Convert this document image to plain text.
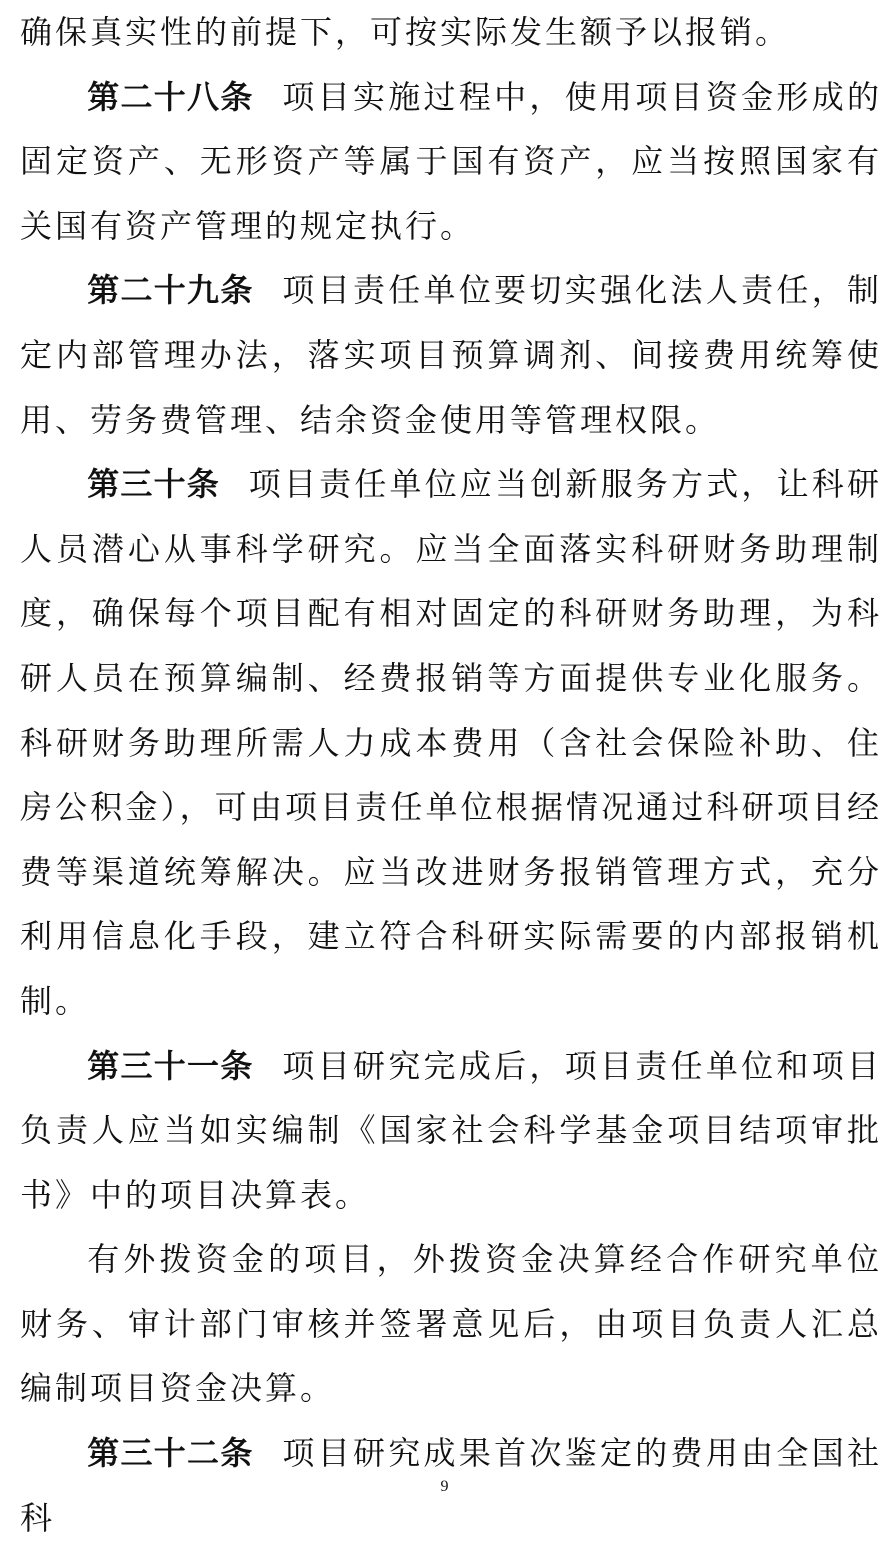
确保真实性的前提下，可按实际发生额予以报销。

第二十八条 项目实施过程中，使用项目资金形成的固定资产、无形资产等属于国有资产，应当按照国家有关国有资产管理的规定执行。

第二十九条 项目责任单位要切实强化法人责任，制定内部管理办法，落实项目预算调剂、间接费用统筹使用、劳务费管理、结余资金使用等管理权限。

第三十条 项目责任单位应当创新服务方式，让科研人员潜心从事科学研究。应当全面落实科研财务助理制度，确保每个项目配有相对固定的科研财务助理，为科研人员在预算编制、经费报销等方面提供专业化服务。科研财务助理所需人力成本费用（含社会保险补助、住房公积金），可由项目责任单位根据情况通过科研项目经费等渠道统筹解决。应当改进财务报销管理方式，充分利用信息化手段，建立符合科研实际需要的内部报销机制。

第三十一条 项目研究完成后，项目责任单位和项目负责人应当如实编制《国家社会科学基金项目结项审批书》中的项目决算表。

有外拨资金的项目，外拨资金决算经合作研究单位财务、审计部门审核并签署意见后，由项目负责人汇总编制项目资金决算。

第三十二条 项目研究成果首次鉴定的费用由全国社科

9
